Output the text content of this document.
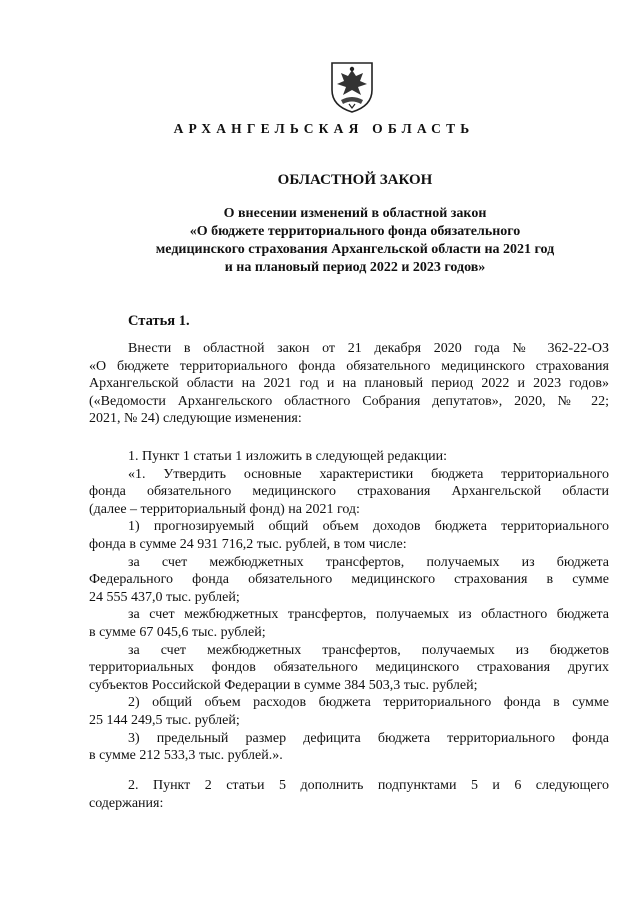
АРХАНГЕЛЬСКАЯ ОБЛАСТЬ
ОБЛАСТНОЙ ЗАКОН
О внесении изменений в областной закон
«О бюджете территориального фонда обязательного
медицинского страхования Архангельской области на 2021 год
и на плановый период 2022 и 2023 годов»
Статья 1.
Внести в областной закон от 21 декабря 2020 года № 362-22-ОЗ
«О бюджете территориального фонда обязательного медицинского страхования
Архангельской области на 2021 год и на плановый период 2022 и 2023 годов»
(«Ведомости Архангельского областного Собрания депутатов», 2020, № 22;
2021, № 24) следующие изменения:
1. Пункт 1 статьи 1 изложить в следующей редакции:
«1. Утвердить основные характеристики бюджета территориального
фонда обязательного медицинского страхования Архангельской области
(далее – территориальный фонд) на 2021 год:
1) прогнозируемый общий объем доходов бюджета территориального
фонда в сумме 24 931 716,2 тыс. рублей, в том числе:
за счет межбюджетных трансфертов, получаемых из бюджета
Федерального фонда обязательного медицинского страхования в сумме
24 555 437,0 тыс. рублей;
за счет межбюджетных трансфертов, получаемых из областного бюджета
в сумме 67 045,6 тыс. рублей;
за счет межбюджетных трансфертов, получаемых из бюджетов
территориальных фондов обязательного медицинского страхования других
субъектов Российской Федерации в сумме 384 503,3 тыс. рублей;
2) общий объем расходов бюджета территориального фонда в сумме
25 144 249,5 тыс. рублей;
3) предельный размер дефицита бюджета территориального фонда
в сумме 212 533,3 тыс. рублей.».
2. Пункт 2 статьи 5 дополнить подпунктами 5 и 6 следующего
содержания:
